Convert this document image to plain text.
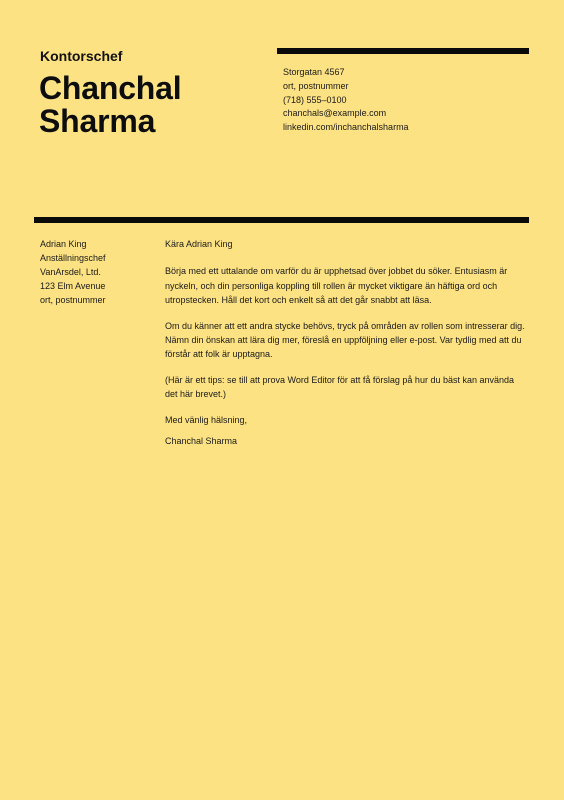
Kontorschef
Chanchal
Sharma
Storgatan 4567
ort, postnummer
(718) 555–0100
chanchals@example.com
linkedin.com/inchanchalsharma
Adrian King
Anställningschef
VanArsdel, Ltd.
123 Elm Avenue
ort, postnummer

Kära Adrian King

Börja med ett uttalande om varför du är upphetsad över jobbet du söker. Entusiasm är nyckeln, och din personliga koppling till rollen är mycket viktigare än häftiga ord och utropstecken. Håll det kort och enkelt så att det går snabbt att läsa.

Om du känner att ett andra stycke behövs, tryck på områden av rollen som intresserar dig. Nämn din önskan att lära dig mer, föreslå en uppföljning eller e-post. Var tydlig med att du förstår att folk är upptagna.

(Här är ett tips: se till att prova Word Editor för att få förslag på hur du bäst kan använda det här brevet.)

Med vänlig hälsning,

Chanchal Sharma
